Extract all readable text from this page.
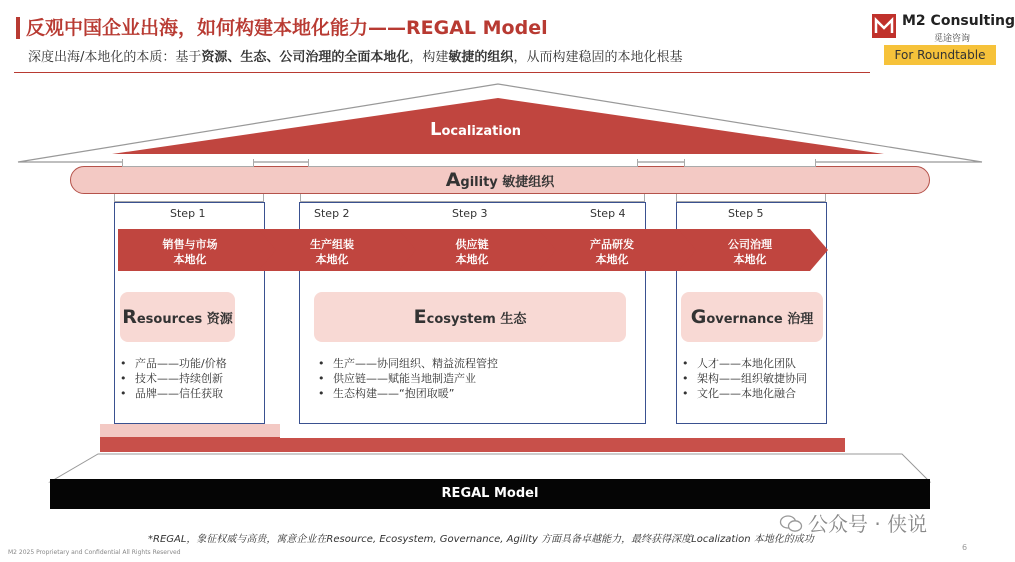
反观中国企业出海，如何构建本地化能力——REGAL Model
深度出海/本地化的本质：基于资源、生态、公司治理的全面本地化，构建敏捷的组织，从而构建稳固的本地化根基
M2 Consulting
觅途咨询
For Roundtable
Localization
Agility 敏捷组织
Step 1	Step 2	Step 3	Step 4	Step 5
销售与市场
本地化
生产组装
本地化
供应链
本地化
产品研发
本地化
公司治理
本地化
Resources 资源	Ecosystem 生态	Governance 治理
• 产品——功能/价格
• 技术——持续创新
• 品牌——信任获取
• 生产——协同组织、精益流程管控
• 供应链——赋能当地制造产业
• 生态构建——“抱团取暖”
• 人才——本地化团队
• 架构——组织敏捷协同
• 文化——本地化融合
REGAL Model
*REGAL，象征权威与高贵，寓意企业在Resource, Ecosystem, Governance, Agility 方面具备卓越能力，最终获得深度Localization 本地化的成功
M2 2025 Proprietary and Confidential All Rights Reserved
6
公众号 · 侠说
